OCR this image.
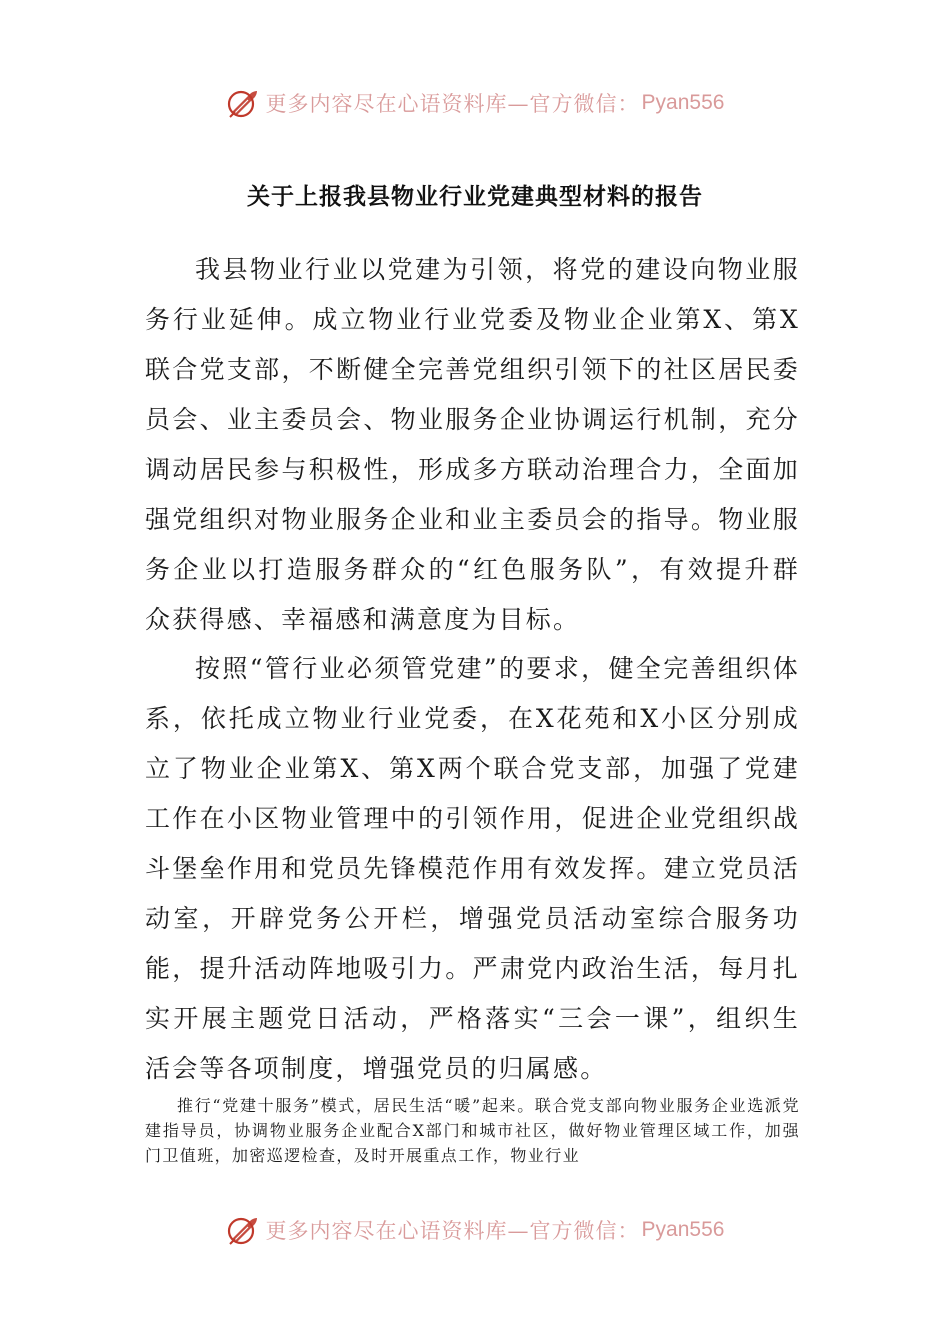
更多内容尽在心语资料库—官方微信： Pyan556
关于上报我县物业行业党建典型材料的报告

我县物业行业以党建为引领，将党的建设向物业服务行业延伸。成立物业行业党委及物业企业第X、第X联合党支部，不断健全完善党组织引领下的社区居民委员会、业主委员会、物业服务企业协调运行机制，充分调动居民参与积极性，形成多方联动治理合力，全面加强党组织对物业服务企业和业主委员会的指导。物业服务企业以打造服务群众的“红色服务队”，有效提升群众获得感、幸福感和满意度为目标。

按照“管行业必须管党建”的要求，健全完善组织体系，依托成立物业行业党委，在X花苑和X小区分别成立了物业企业第X、第X两个联合党支部，加强了党建工作在小区物业管理中的引领作用，促进企业党组织战斗堡垒作用和党员先锋模范作用有效发挥。建立党员活动室，开辟党务公开栏，增强党员活动室综合服务功能，提升活动阵地吸引力。严肃党内政治生活，每月扎实开展主题党日活动，严格落实“三会一课”，组织生活会等各项制度，增强党员的归属感。

推行“党建十服务”模式，居民生活“暖”起来。联合党支部向物业服务企业选派党建指导员，协调物业服务企业配合X部门和城市社区，做好物业管理区域工作，加强门卫值班，加密巡逻检查，及时开展重点工作，物业行业

更多内容尽在心语资料库—官方微信： Pyan556
